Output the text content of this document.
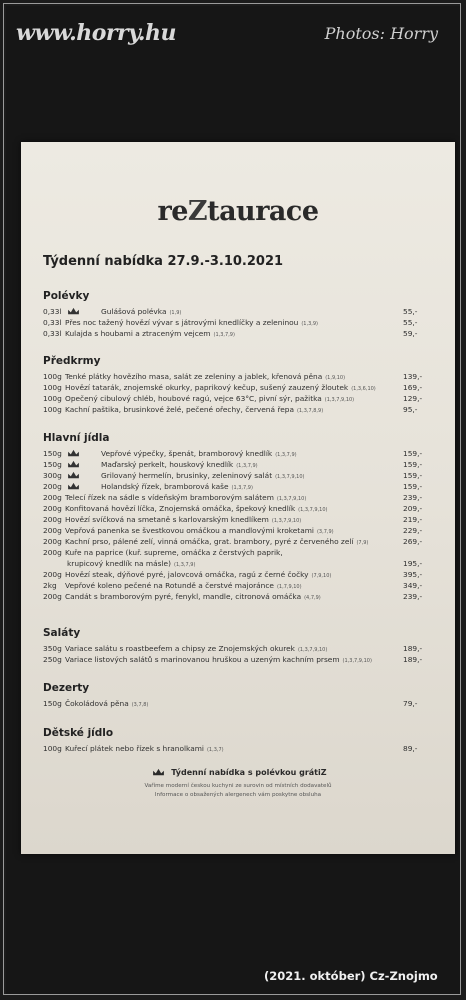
www.horry.hu	Photos: Horry
reZtaurace
Týdenní nabídka 27.9.-3.10.2021
Polévky
0,33l	Gulášová polévka (1,9)	55,-
0,33l Přes noc tažený hovězí vývar s játrovými knedlíčky a zeleninou (1,3,9)	55,-
0,33l Kulajda s houbami a ztraceným vejcem (1,3,7,9)	59,-
Předkrmy
100g Tenké plátky hovězího masa, salát ze zeleniny a jablek, křenová pěna (1,9,10)	139,-
100g Hovězí tatarák, znojemské okurky, paprikový kečup, sušený zauzený žloutek (1,3,6,10)	169,-
100g Opečený cibulový chléb, houbové ragú, vejce 63°C, pivní sýr, pažitka (1,3,7,9,10)	129,-
100g Kachní paštika, brusinkové želé, pečené ořechy, červená řepa (1,3,7,8,9)	95,-
Hlavní jídla
150g	Vepřové výpečky, špenát, bramborový knedlík (1,3,7,9)	159,-
150g	Maďarský perkelt, houskový knedlík (1,3,7,9)	159,-
300g	Grilovaný hermelín, brusinky, zeleninový salát (1,3,7,9,10)	159,-
200g	Holandský řízek, bramborová kaše (1,3,7,9)	159,-
200g Telecí řízek na sádle s vídeňským bramborovým salátem (1,3,7,9,10)	239,-
200g Konfitovaná hovězí líčka, Znojemská omáčka, špekový knedlík (1,3,7,9,10)	209,-
200g Hovězí svíčková na smetaně s karlovarským knedlíkem (1,3,7,9,10)	219,-
200g Vepřová panenka se švestkovou omáčkou a mandlovými kroketami (3,7,9)	229,-
200g Kachní prso, pálené zelí, vinná omáčka, grat. brambory, pyré z červeného zelí (7,9)	269,-
200g Kuře na paprice (kuř. supreme, omáčka z čerstvých paprik,
krupicový knedlík na másle) (1,3,7,9)	195,-
200g Hovězí steak, dýňové pyré, jalovcová omáčka, ragú z černé čočky (7,9,10)	395,-
2kg Vepřové koleno pečené na Rotundě a čerstvé majoránce (1,7,9,10)	349,-
200g Candát s bramborovým pyré, fenykl, mandle, citronová omáčka (4,7,9)	239,-
Saláty
350g Variace salátu s roastbeefem a chipsy ze Znojemských okurek (1,3,7,9,10)	189,-
250g Variace listových salátů s marinovanou hruškou a uzeným kachním prsem (1,3,7,9,10)	189,-
Dezerty
150g Čokoládová pěna (3,7,8)	79,-
Dětské jídlo
100g Kuřecí plátek nebo řízek s hranolkami (1,3,7)	89,-
Týdenní nabídka s polévkou grátiZ
Vaříme moderní českou kuchyni ze surovin od místních dodavatelů
Informace o obsažených alergenech vám poskytne obsluha
(2021. október) Cz-Znojmo
